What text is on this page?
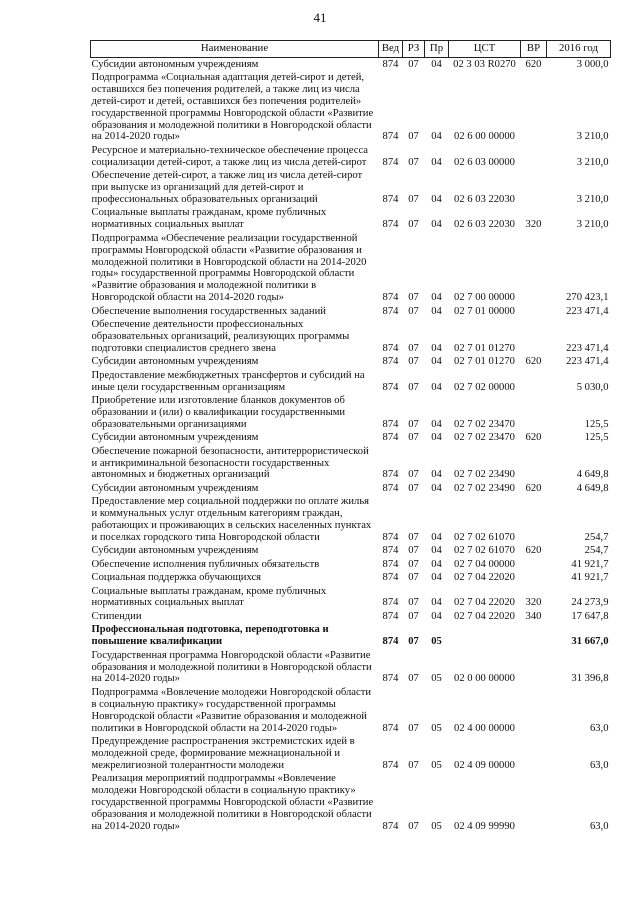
41
Наименование	Вед	РЗ	Пр	ЦСТ	ВР	2016 год
Субсидии автономным учреждениям	874	07	04	02 3 03 R0270	620	3 000,0
Подпрограмма «Социальная адаптация детей-сирот и детей, оставшихся без попечения родителей, а также лиц из числа детей-сирот и детей, оставшихся без попечения родителей» государственной программы Новгородской области «Развитие образования и молодежной политики в Новгородской области на 2014-2020 годы»	874	07	04	02 6 00 00000		3 210,0
Ресурсное и материально-техническое обеспечение процесса социализации детей-сирот, а также лиц из числа детей-сирот	874	07	04	02 6 03 00000		3 210,0
Обеспечение детей-сирот, а также лиц из числа детей-сирот при выпуске из организаций для детей-сирот и профессиональных образовательных организаций	874	07	04	02 6 03 22030		3 210,0
Социальные выплаты гражданам, кроме публичных нормативных социальных выплат	874	07	04	02 6 03 22030	320	3 210,0
Подпрограмма «Обеспечение реализации государственной программы Новгородской области «Развитие образования и молодежной политики в Новгородской области на 2014-2020 годы» государственной программы Новгородской области «Развитие образования и молодежной политики в Новгородской области на 2014-2020 годы»	874	07	04	02 7 00 00000		270 423,1
Обеспечение выполнения государственных заданий	874	07	04	02 7 01 00000		223 471,4
Обеспечение деятельности профессиональных образовательных организаций, реализующих программы подготовки специалистов среднего звена	874	07	04	02 7 01 01270		223 471,4
Субсидии автономным учреждениям	874	07	04	02 7 01 01270	620	223 471,4
Предоставление межбюджетных трансфертов и субсидий на иные цели государственным организациям	874	07	04	02 7 02 00000		5 030,0
Приобретение или изготовление бланков документов об образовании и (или) о квалификации государственными образовательными организациями	874	07	04	02 7 02 23470		125,5
Субсидии автономным учреждениям	874	07	04	02 7 02 23470	620	125,5
Обеспечение пожарной безопасности, антитеррористической и антикриминальной безопасности государственных автономных и бюджетных организаций	874	07	04	02 7 02 23490		4 649,8
Субсидии автономным учреждениям	874	07	04	02 7 02 23490	620	4 649,8
Предоставление мер социальной поддержки по оплате жилья и коммунальных услуг отдельным категориям граждан, работающих и проживающих в сельских населенных пунктах и поселках городского типа Новгородской области	874	07	04	02 7 02 61070		254,7
Субсидии автономным учреждениям	874	07	04	02 7 02 61070	620	254,7
Обеспечение исполнения публичных обязательств	874	07	04	02 7 04 00000		41 921,7
Социальная поддержка обучающихся	874	07	04	02 7 04 22020		41 921,7
Социальные выплаты гражданам, кроме публичных нормативных социальных выплат	874	07	04	02 7 04 22020	320	24 273,9
Стипендии	874	07	04	02 7 04 22020	340	17 647,8
Профессиональная подготовка, переподготовка и повышение квалификации	874	07	05			31 667,0
Государственная программа Новгородской области «Развитие образования и молодежной политики в Новгородской области на 2014-2020 годы»	874	07	05	02 0 00 00000		31 396,8
Подпрограмма «Вовлечение молодежи Новгородской области в социальную практику» государственной программы Новгородской области «Развитие образования и молодежной политики в Новгородской области на 2014-2020 годы»	874	07	05	02 4 00 00000		63,0
Предупреждение распространения экстремистских идей в молодежной среде, формирование межнациональной и межрелигиозной толерантности молодежи	874	07	05	02 4 09 00000		63,0
Реализация мероприятий подпрограммы «Вовлечение молодежи Новгородской области в социальную практику» государственной программы Новгородской области «Развитие образования и молодежной политики в Новгородской области на 2014-2020 годы»	874	07	05	02 4 09 99990		63,0
